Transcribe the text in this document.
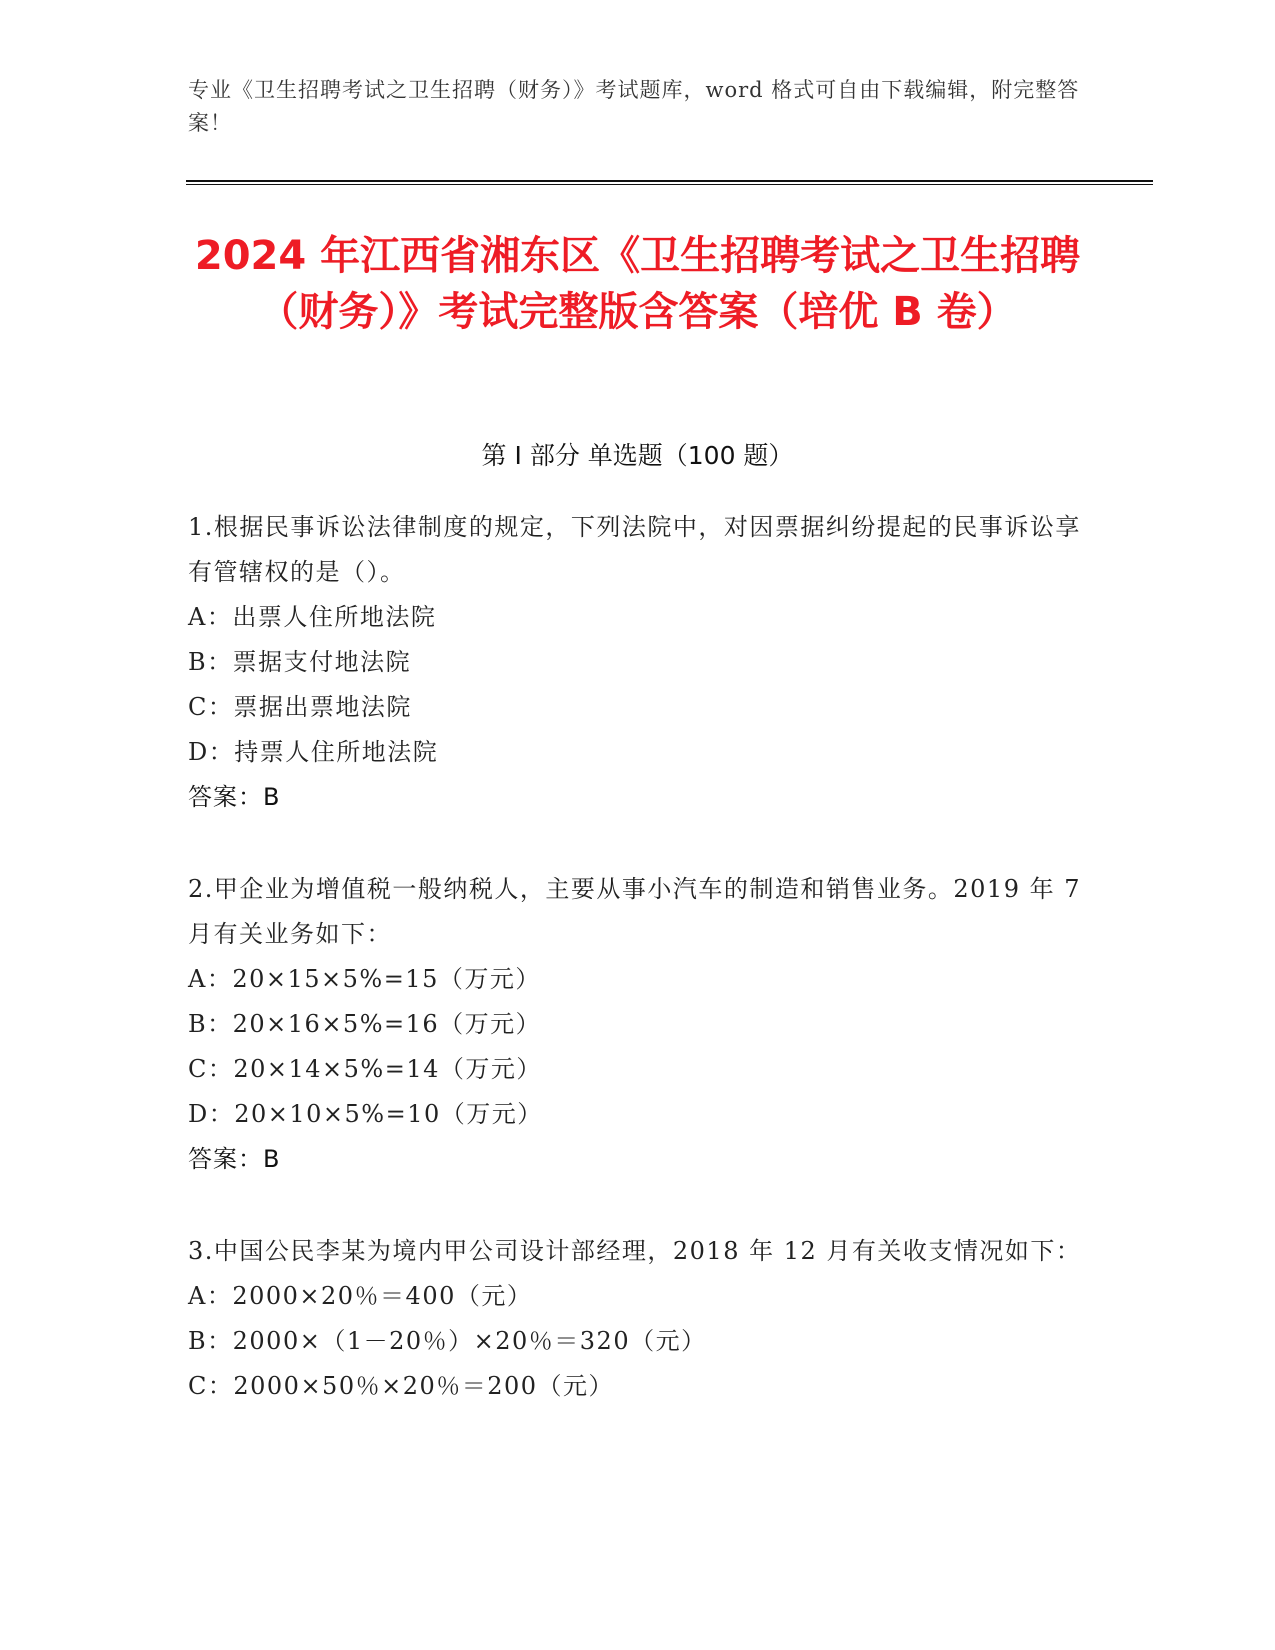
专业《卫生招聘考试之卫生招聘（财务）》考试题库，word 格式可自由下载编辑，附完整答案！
2024 年江西省湘东区《卫生招聘考试之卫生招聘（财务）》考试完整版含答案（培优 B 卷）
第 I 部分 单选题（100 题）
1.根据民事诉讼法律制度的规定，下列法院中，对因票据纠纷提起的民事诉讼享有管辖权的是（）。
A：出票人住所地法院
B：票据支付地法院
C：票据出票地法院
D：持票人住所地法院
答案：B
2.甲企业为增值税一般纳税人，主要从事小汽车的制造和销售业务。2019 年 7 月有关业务如下：
A：20×15×5%=15（万元）
B：20×16×5%=16（万元）
C：20×14×5%=14（万元）
D：20×10×5%=10（万元）
答案：B
3.中国公民李某为境内甲公司设计部经理，2018 年 12 月有关收支情况如下：
A：2000×20％＝400（元）
B：2000×（1－20％）×20％＝320（元）
C：2000×50％×20％＝200（元）
